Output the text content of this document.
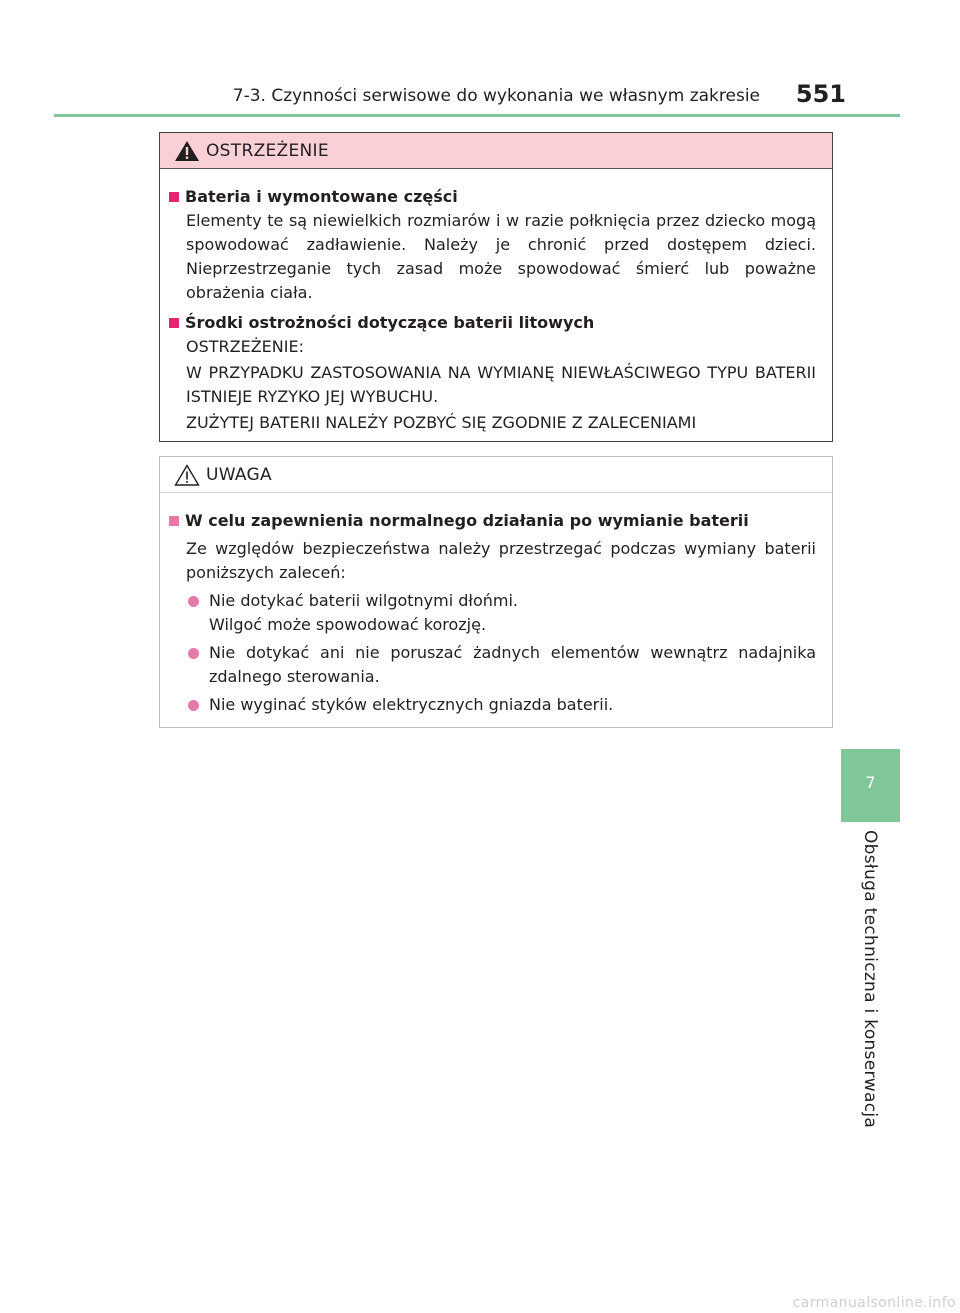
7-3. Czynności serwisowe do wykonania we własnym zakresie 551
OSTRZEŻENIE
Bateria i wymontowane części
Elementy te są niewielkich rozmiarów i w razie połknięcia przez dziecko mogą spowodować zadławienie. Należy je chronić przed dostępem dzieci. Nieprzestrzeganie tych zasad może spowodować śmierć lub poważne obrażenia ciała.
Środki ostrożności dotyczące baterii litowych
OSTRZEŻENIE:
W PRZYPADKU ZASTOSOWANIA NA WYMIANĘ NIEWŁAŚCIWEGO TYPU BATERII ISTNIEJE RYZYKO JEJ WYBUCHU.
ZUŻYTEJ BATERII NALEŻY POZBYĆ SIĘ ZGODNIE Z ZALECENIAMI
UWAGA
W celu zapewnienia normalnego działania po wymianie baterii
Ze względów bezpieczeństwa należy przestrzegać podczas wymiany baterii poniższych zaleceń:
Nie dotykać baterii wilgotnymi dłońmi.
Wilgoć może spowodować korozję.
Nie dotykać ani nie poruszać żadnych elementów wewnątrz nadajnika zdalnego sterowania.
Nie wyginać styków elektrycznych gniazda baterii.
7
Obsługa techniczna i konserwacja
carmanualsonline.info
